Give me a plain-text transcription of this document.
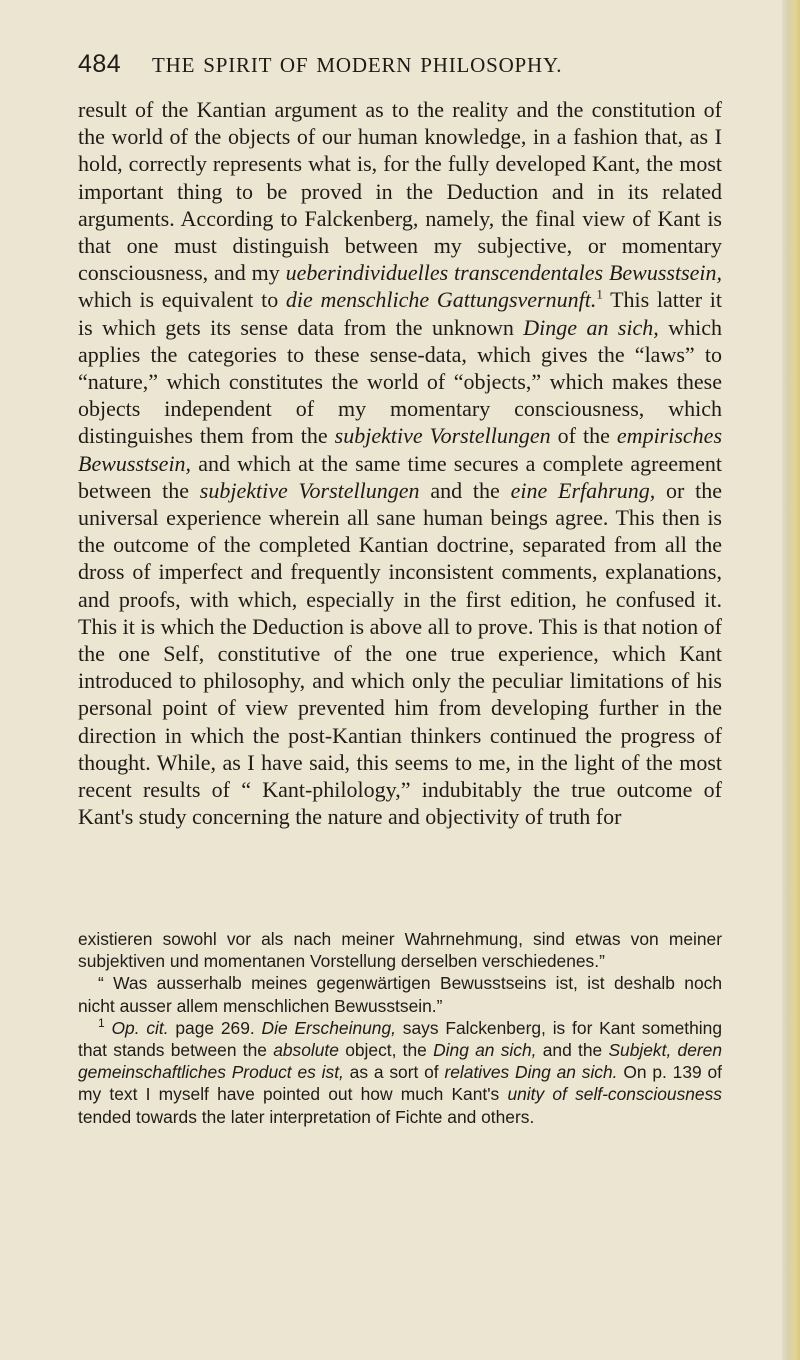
484 THE SPIRIT OF MODERN PHILOSOPHY.

result of the Kantian argument as to the reality and the constitution of the world of the objects of our human knowledge, in a fashion that, as I hold, correctly represents what is, for the fully developed Kant, the most important thing to be proved in the Deduction and in its related arguments. According to Falckenberg, namely, the final view of Kant is that one must distinguish between my subjective, or momentary consciousness, and my ueberindividuelles transcendentales Bewusstsein, which is equivalent to die menschliche Gattungsvernunft.$^1$ This latter it is which gets its sense data from the unknown Dinge an sich, which applies the categories to these sense-data, which gives the “laws” to “nature,” which constitutes the world of “objects,” which makes these objects independent of my momentary consciousness, which distinguishes them from the subjektive Vorstellungen of the empirisches Bewusstsein, and which at the same time secures a complete agreement between the subjektive Vorstellungen and the eine Erfahrung, or the universal experience wherein all sane human beings agree. This then is the outcome of the completed Kantian doctrine, separated from all the dross of imperfect and frequently inconsistent comments, explanations, and proofs, with which, especially in the first edition, he confused it. This it is which the Deduction is above all to prove. This is that notion of the one Self, constitutive of the one true experience, which Kant introduced to philosophy, and which only the peculiar limitations of his personal point of view prevented him from developing further in the direction in which the post-Kantian thinkers continued the progress of thought. While, as I have said, this seems to me, in the light of the most recent results of “ Kant-philology,” indubitably the true outcome of Kant's study concerning the nature and objectivity of truth for

existieren sowohl vor als nach meiner Wahrnehmung, sind etwas von meiner subjektiven und momentanen Vorstellung derselben verschiedenes.”

“ Was ausserhalb meines gegenwärtigen Bewusstseins ist, ist deshalb noch nicht ausser allem menschlichen Bewusstsein.”

$^1$ Op. cit. page 269. Die Erscheinung, says Falckenberg, is for Kant something that stands between the absolute object, the Ding an sich, and the Subjekt, deren gemeinschaftliches Product es ist, as a sort of relatives Ding an sich. On p. 139 of my text I myself have pointed out how much Kant's unity of self-consciousness tended towards the later interpretation of Fichte and others.
